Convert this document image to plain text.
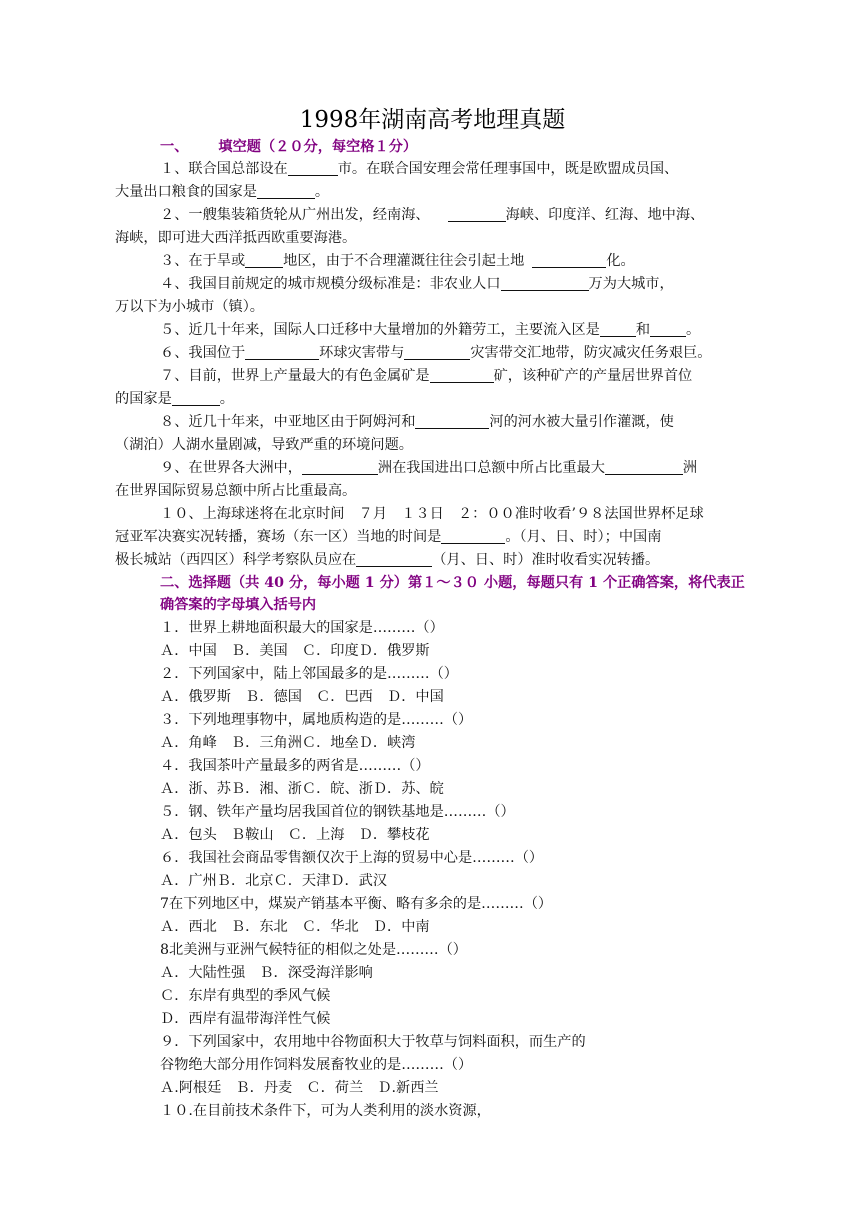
1998年湖南高考地理真题
一、 填空题（２０分，每空格１分）
１、联合国总部设在	市。在联合国安理会常任理事国中，既是欧盟成员国、
大量出口粮食的国家是	。
２、一艘集装箱货轮从广州出发，经南海、	海峡、印度洋、红海、地中海、
海峡，即可进大西洋抵西欧重要海港。
３、在于旱或	地区，由于不合理灌溉往往会引起土地	化。
４、我国目前规定的城市规模分级标准是：非农业人口	万为大城市，
万以下为小城市（镇）。
５、近几十年来，国际人口迁移中大量增加的外籍劳工，主要流入区是	和	。
６、我国位于	环球灾害带与	灾害带交汇地带，防灾减灾任务艰巨。
７、目前，世界上产量最大的有色金属矿是	矿，该种矿产的产量居世界首位
的国家是	。
８、近几十年来，中亚地区由于阿姆河和	河的河水被大量引作灌溉，使
（湖泊）人湖水量剧减，导致严重的环境问题。
９、在世界各大洲中，	洲在我国进出口总额中所占比重最大	洲
在世界国际贸易总额中所占比重最高。
１０、上海球迷将在北京时间　７月　１３日　２：００准时收看’９８法国世界杯足球
冠亚军决赛实况转播，赛场（东一区）当地的时间是	。（月、日、时）；中国南
极长城站（西四区）科学考察队员应在	（月、日、时）准时收看实况转播。
二、选择题（共 40 分，每小题 1 分）第１～３０ 小题，每题只有 1 个正确答案，将代表正确答案的字母填入括号内
１．世界上耕地面积最大的国家是………（）
Ａ．中国　Ｂ．美国　Ｃ．印度Ｄ．俄罗斯
２．下列国家中，陆上邻国最多的是………（）
Ａ．俄罗斯　Ｂ．德国　Ｃ．巴西　Ｄ．中国
３．下列地理事物中，属地质构造的是………（）
Ａ．角峰　Ｂ．三角洲Ｃ．地垒Ｄ．峡湾
４．我国茶叶产量最多的两省是………（）
Ａ．浙、苏Ｂ．湘、浙Ｃ．皖、浙Ｄ．苏、皖
５．钢、铁年产量均居我国首位的钢铁基地是………（）
Ａ．包头　Ｂ鞍山　Ｃ．上海　Ｄ．攀枝花
６．我国社会商品零售额仅次于上海的贸易中心是………（）
Ａ．广州Ｂ．北京Ｃ．天津Ｄ．武汉
7在下列地区中，煤炭产销基本平衡、略有多余的是………（）
Ａ．西北　Ｂ．东北　Ｃ．华北　Ｄ．中南
8北美洲与亚洲气候特征的相似之处是………（）
Ａ．大陆性强　Ｂ．深受海洋影响
Ｃ．东岸有典型的季风气候
Ｄ．西岸有温带海洋性气候
９．下列国家中，农用地中谷物面积大于牧草与饲料面积，而生产的
谷物绝大部分用作饲料发展畜牧业的是………（）
Ａ.阿根廷　Ｂ．丹麦　Ｃ．荷兰　Ｄ.新西兰
１０.在目前技术条件下，可为人类利用的淡水资源，
